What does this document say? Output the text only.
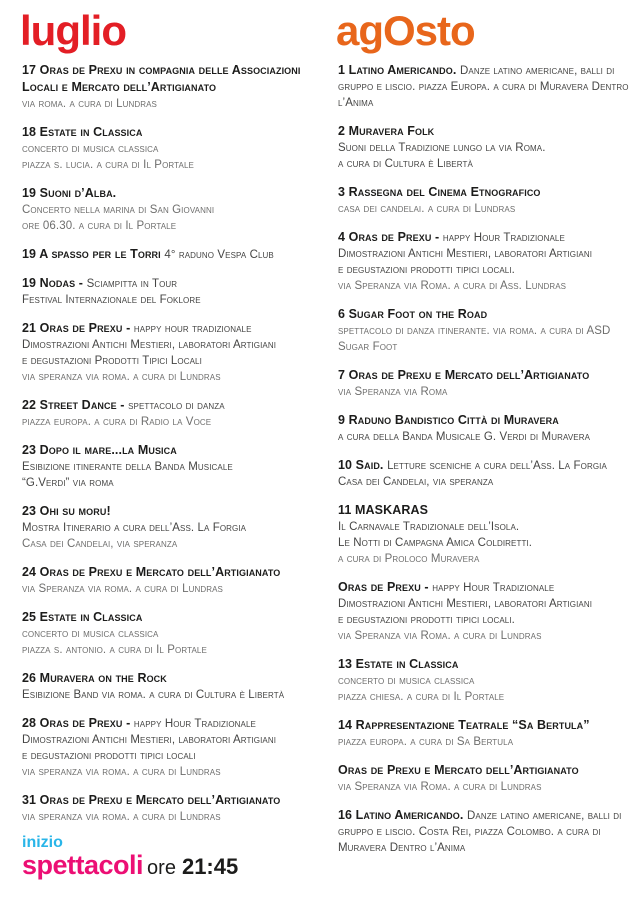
luglio
17 Oras de Prexu in compagnia delle Associazioni Locali e Mercato dell’Artigianato
via roma. a cura di Lundras
18 Estate in Classica
concerto di musica classica
piazza s. lucia. a cura di Il Portale
19 Suoni d’Alba.
Concerto nella marina di San Giovanni
ore 06.30. a cura di Il Portale
19 A spasso per le Torri 4° raduno Vespa Club
19 Nodas - Sciampitta in Tour
Festival Internazionale del Foklore
21 Oras de Prexu - happy hour tradizionale
Dimostrazioni Antichi Mestieri, laboratori Artigiani
e degustazioni Prodotti Tipici Locali
via speranza via roma. a cura di Lundras
22 Street Dance - spettacolo di danza
piazza europa. a cura di Radio la Voce
23 Dopo il mare...la Musica
Esibizione itinerante della Banda Musicale
“G.Verdi” via roma
23 Ohi su moru!
Mostra Itinerario a cura dell’Ass. La Forgia
Casa dei Candelai, via speranza
24 Oras de Prexu e Mercato dell’Artigianato
via Speranza via roma. a cura di Lundras
25 Estate in Classica
concerto di musica classica
piazza s. antonio. a cura di Il Portale
26 Muravera on the Rock
Esibizione Band via roma. a cura di Cultura è Libertà
28 Oras de Prexu - happy Hour Tradizionale
Dimostrazioni Antichi Mestieri, laboratori Artigiani
e degustazioni prodotti tipici locali
via speranza via roma. a cura di Lundras
31 Oras de Prexu e Mercato dell’Artigianato
via speranza via roma. a cura di Lundras
agOsto
1 Latino Americando. Danze latino americane, balli di gruppo e liscio. piazza Europa. a cura di Muravera Dentro l’Anima
2 Muravera Folk
Suoni della Tradizione lungo la via Roma.
a cura di Cultura è Libertà
3 Rassegna del Cinema Etnografico
casa dei candelai. a cura di Lundras
4 Oras de Prexu - happy Hour Tradizionale
Dimostrazioni Antichi Mestieri, laboratori Artigiani
e degustazioni prodotti tipici locali.
via Speranza via Roma. a cura di Ass. Lundras
6 Sugar Foot on the Road
spettacolo di danza itinerante. via roma. a cura di ASD Sugar Foot
7 Oras de Prexu e Mercato dell’Artigianato
via Speranza via Roma
9 Raduno Bandistico Città di Muravera
a cura della Banda Musicale G. Verdi di Muravera
10 Said. Letture sceniche a cura dell’Ass. La Forgia
Casa dei Candelai, via speranza
11 MASKARAS
Il Carnavale Tradizionale dell’Isola.
Le Notti di Campagna Amica Coldiretti.
a cura di Proloco Muravera
Oras de Prexu - happy Hour Tradizionale
Dimostrazioni Antichi Mestieri, laboratori Artigiani
e degustazioni prodotti tipici locali.
via Speranza via Roma. a cura di Lundras
13 Estate in Classica
concerto di musica classica
piazza chiesa. a cura di Il Portale
14 Rappresentazione Teatrale “Sa Bertula”
piazza europa. a cura di Sa Bertula
Oras de Prexu e Mercato dell’Artigianato
via Speranza via Roma. a cura di Lundras
16 Latino Americando. Danze latino americane, balli di gruppo e liscio. Costa Rei, piazza Colombo. a cura di Muravera Dentro l’Anima
inizio
spettacoli ore 21:45
